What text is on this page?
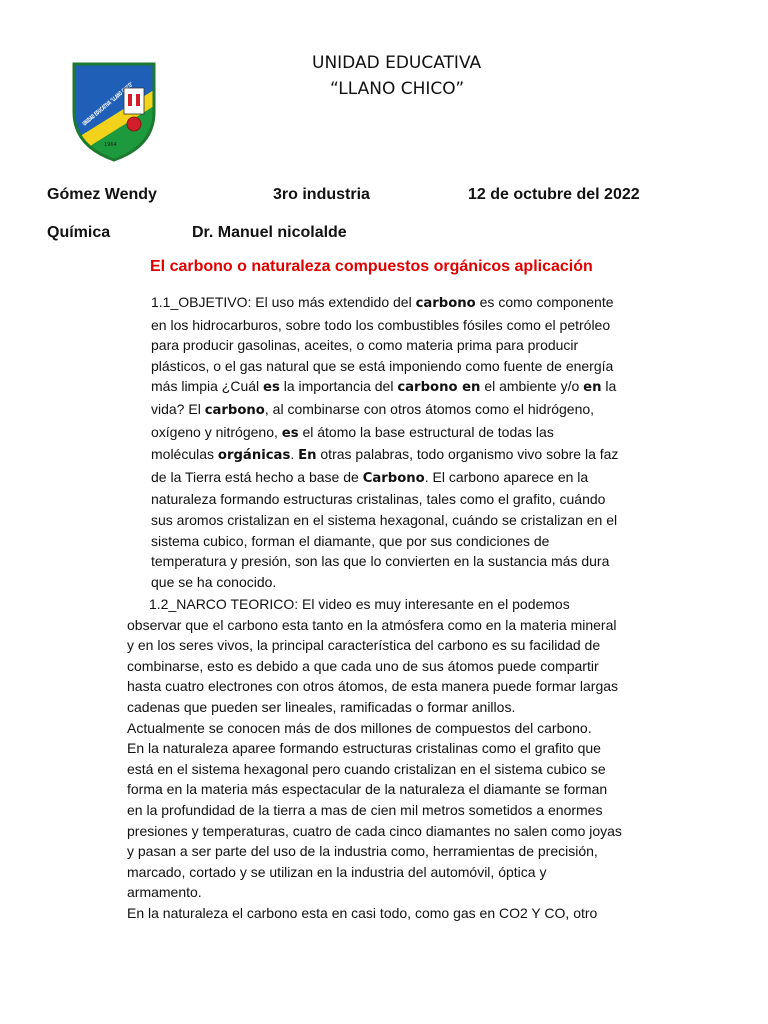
UNIDAD EDUCATIVA "LLANO CHICO"
1964
UNIDAD EDUCATIVA
“LLANO CHICO”
Gómez Wendy	3ro industria	12 de octubre del 2022
Química	Dr. Manuel nicolalde
El carbono o naturaleza compuestos orgánicos aplicación
1.1_OBJETIVO: El uso más extendido del carbono es como componente
en los hidrocarburos, sobre todo los combustibles fósiles como el petróleo
para producir gasolinas, aceites, o como materia prima para producir
plásticos, o el gas natural que se está imponiendo como fuente de energía
más limpia ¿Cuál es la importancia del carbono en el ambiente y/o en la
vida? El carbono, al combinarse con otros átomos como el hidrógeno,
oxígeno y nitrógeno, es el átomo la base estructural de todas las
moléculas orgánicas. En otras palabras, todo organismo vivo sobre la faz
de la Tierra está hecho a base de Carbono. El carbono aparece en la
naturaleza formando estructuras cristalinas, tales como el grafito, cuándo
sus aromos cristalizan en el sistema hexagonal, cuándo se cristalizan en el
sistema cubico, forman el diamante, que por sus condiciones de
temperatura y presión, son las que lo convierten en la sustancia más dura
que se ha conocido.
1.2_NARCO TEORICO: El video es muy interesante en el podemos
observar que el carbono esta tanto en la atmósfera como en la materia mineral
y en los seres vivos, la principal característica del carbono es su facilidad de
combinarse, esto es debido a que cada uno de sus átomos puede compartir
hasta cuatro electrones con otros átomos, de esta manera puede formar largas
cadenas que pueden ser lineales, ramificadas o formar anillos.
Actualmente se conocen más de dos millones de compuestos del carbono.
En la naturaleza aparee formando estructuras cristalinas como el grafito que
está en el sistema hexagonal pero cuando cristalizan en el sistema cubico se
forma en la materia más espectacular de la naturaleza el diamante se forman
en la profundidad de la tierra a mas de cien mil metros sometidos a enormes
presiones y temperaturas, cuatro de cada cinco diamantes no salen como joyas
y pasan a ser parte del uso de la industria como, herramientas de precisión,
marcado, cortado y se utilizan en la industria del automóvil, óptica y
armamento.
En la naturaleza el carbono esta en casi todo, como gas en CO2 Y CO, otro
